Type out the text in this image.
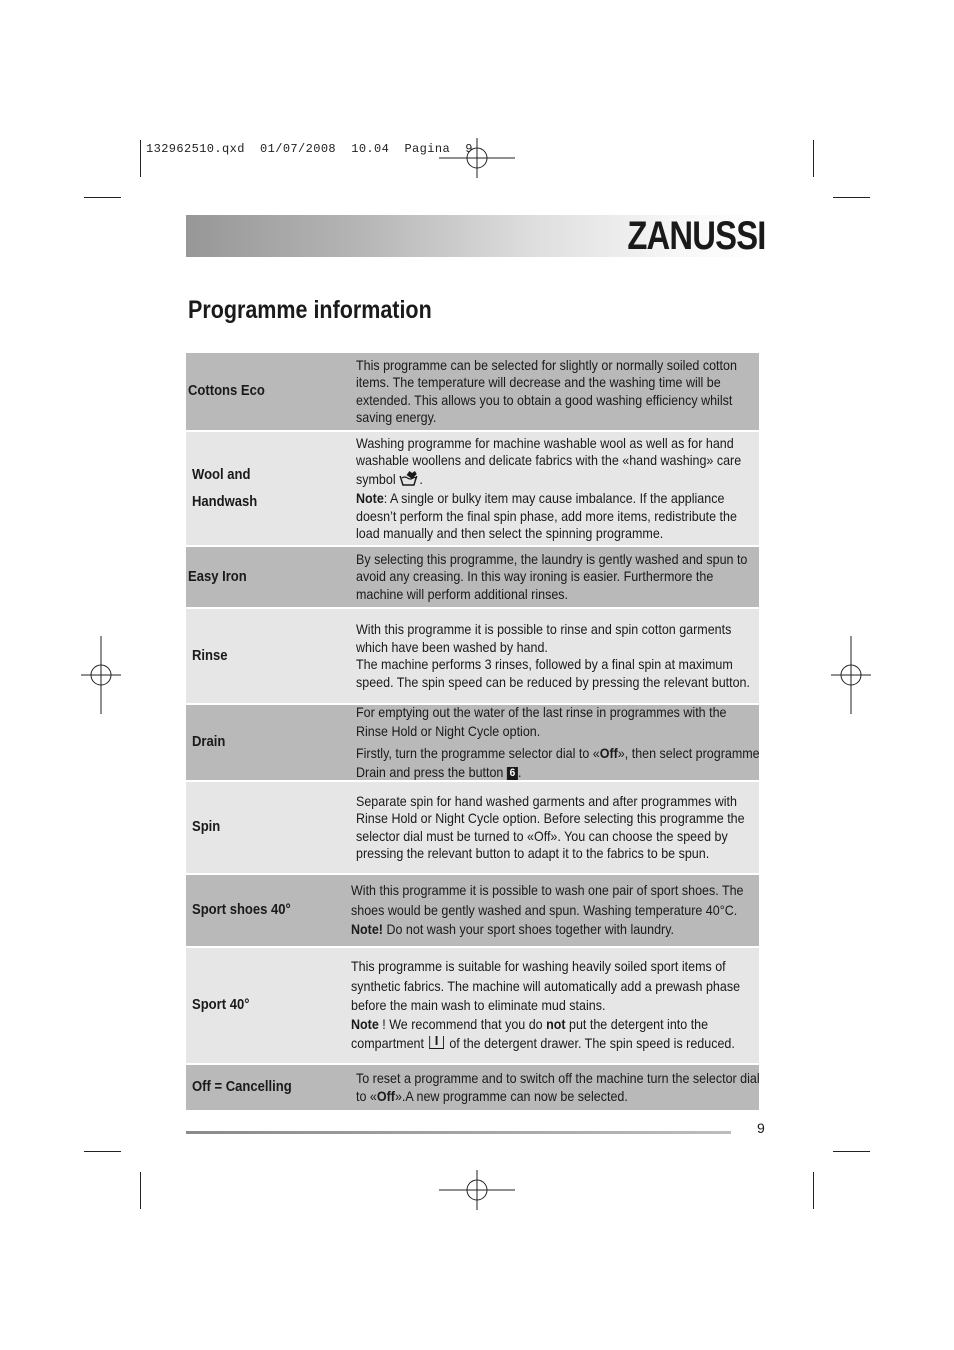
132962510.qxd  01/07/2008  10.04  Pagina  9
ZANUSSI
Programme information
Cottons Eco

This programme can be selected for slightly or normally soiled cotton items. The temperature will decrease and the washing time will be extended. This allows you to obtain a good washing efficiency whilst saving energy.

Wool and
Handwash

Washing programme for machine washable wool as well as for hand washable woollens and delicate fabrics with the «hand washing» care symbol .

Note: A single or bulky item may cause imbalance. If the appliance doesn’t perform the final spin phase, add more items, redistribute the load manually and then select the spinning programme.

Easy Iron

By selecting this programme, the laundry is gently washed and spun to avoid any creasing. In this way ironing is easier. Furthermore the machine will perform additional rinses.

Rinse

With this programme it is possible to rinse and spin cotton garments which have been washed by hand.

The machine performs 3 rinses, followed by a final spin at maximum speed. The spin speed can be reduced by pressing the relevant button.

Drain

For emptying out the water of the last rinse in programmes with the Rinse Hold or Night Cycle option.

Firstly, turn the programme selector dial to «Off», then select programme Drain and press the button 6 .

Spin

Separate spin for hand washed garments and after programmes with Rinse Hold or Night Cycle option. Before selecting this programme the selector dial must be turned to «Off». You can choose the speed by pressing the relevant button to adapt it to the fabrics to be spun.

Sport shoes 40°

With this programme it is possible to wash one pair of sport shoes. The shoes would be gently washed and spun. Washing temperature 40°C. Note! Do not wash your sport shoes together with laundry.

Sport 40°

This programme is suitable for washing heavily soiled sport items of synthetic fabrics. The machine will automatically add a prewash phase before the main wash to eliminate mud stains.

Note ! We recommend that you do not put the detergent into the compartment of the detergent drawer. The spin speed is reduced.

Off = Cancelling

To reset a programme and to switch off the machine turn the selector dial to «Off».A new programme can now be selected.

9
